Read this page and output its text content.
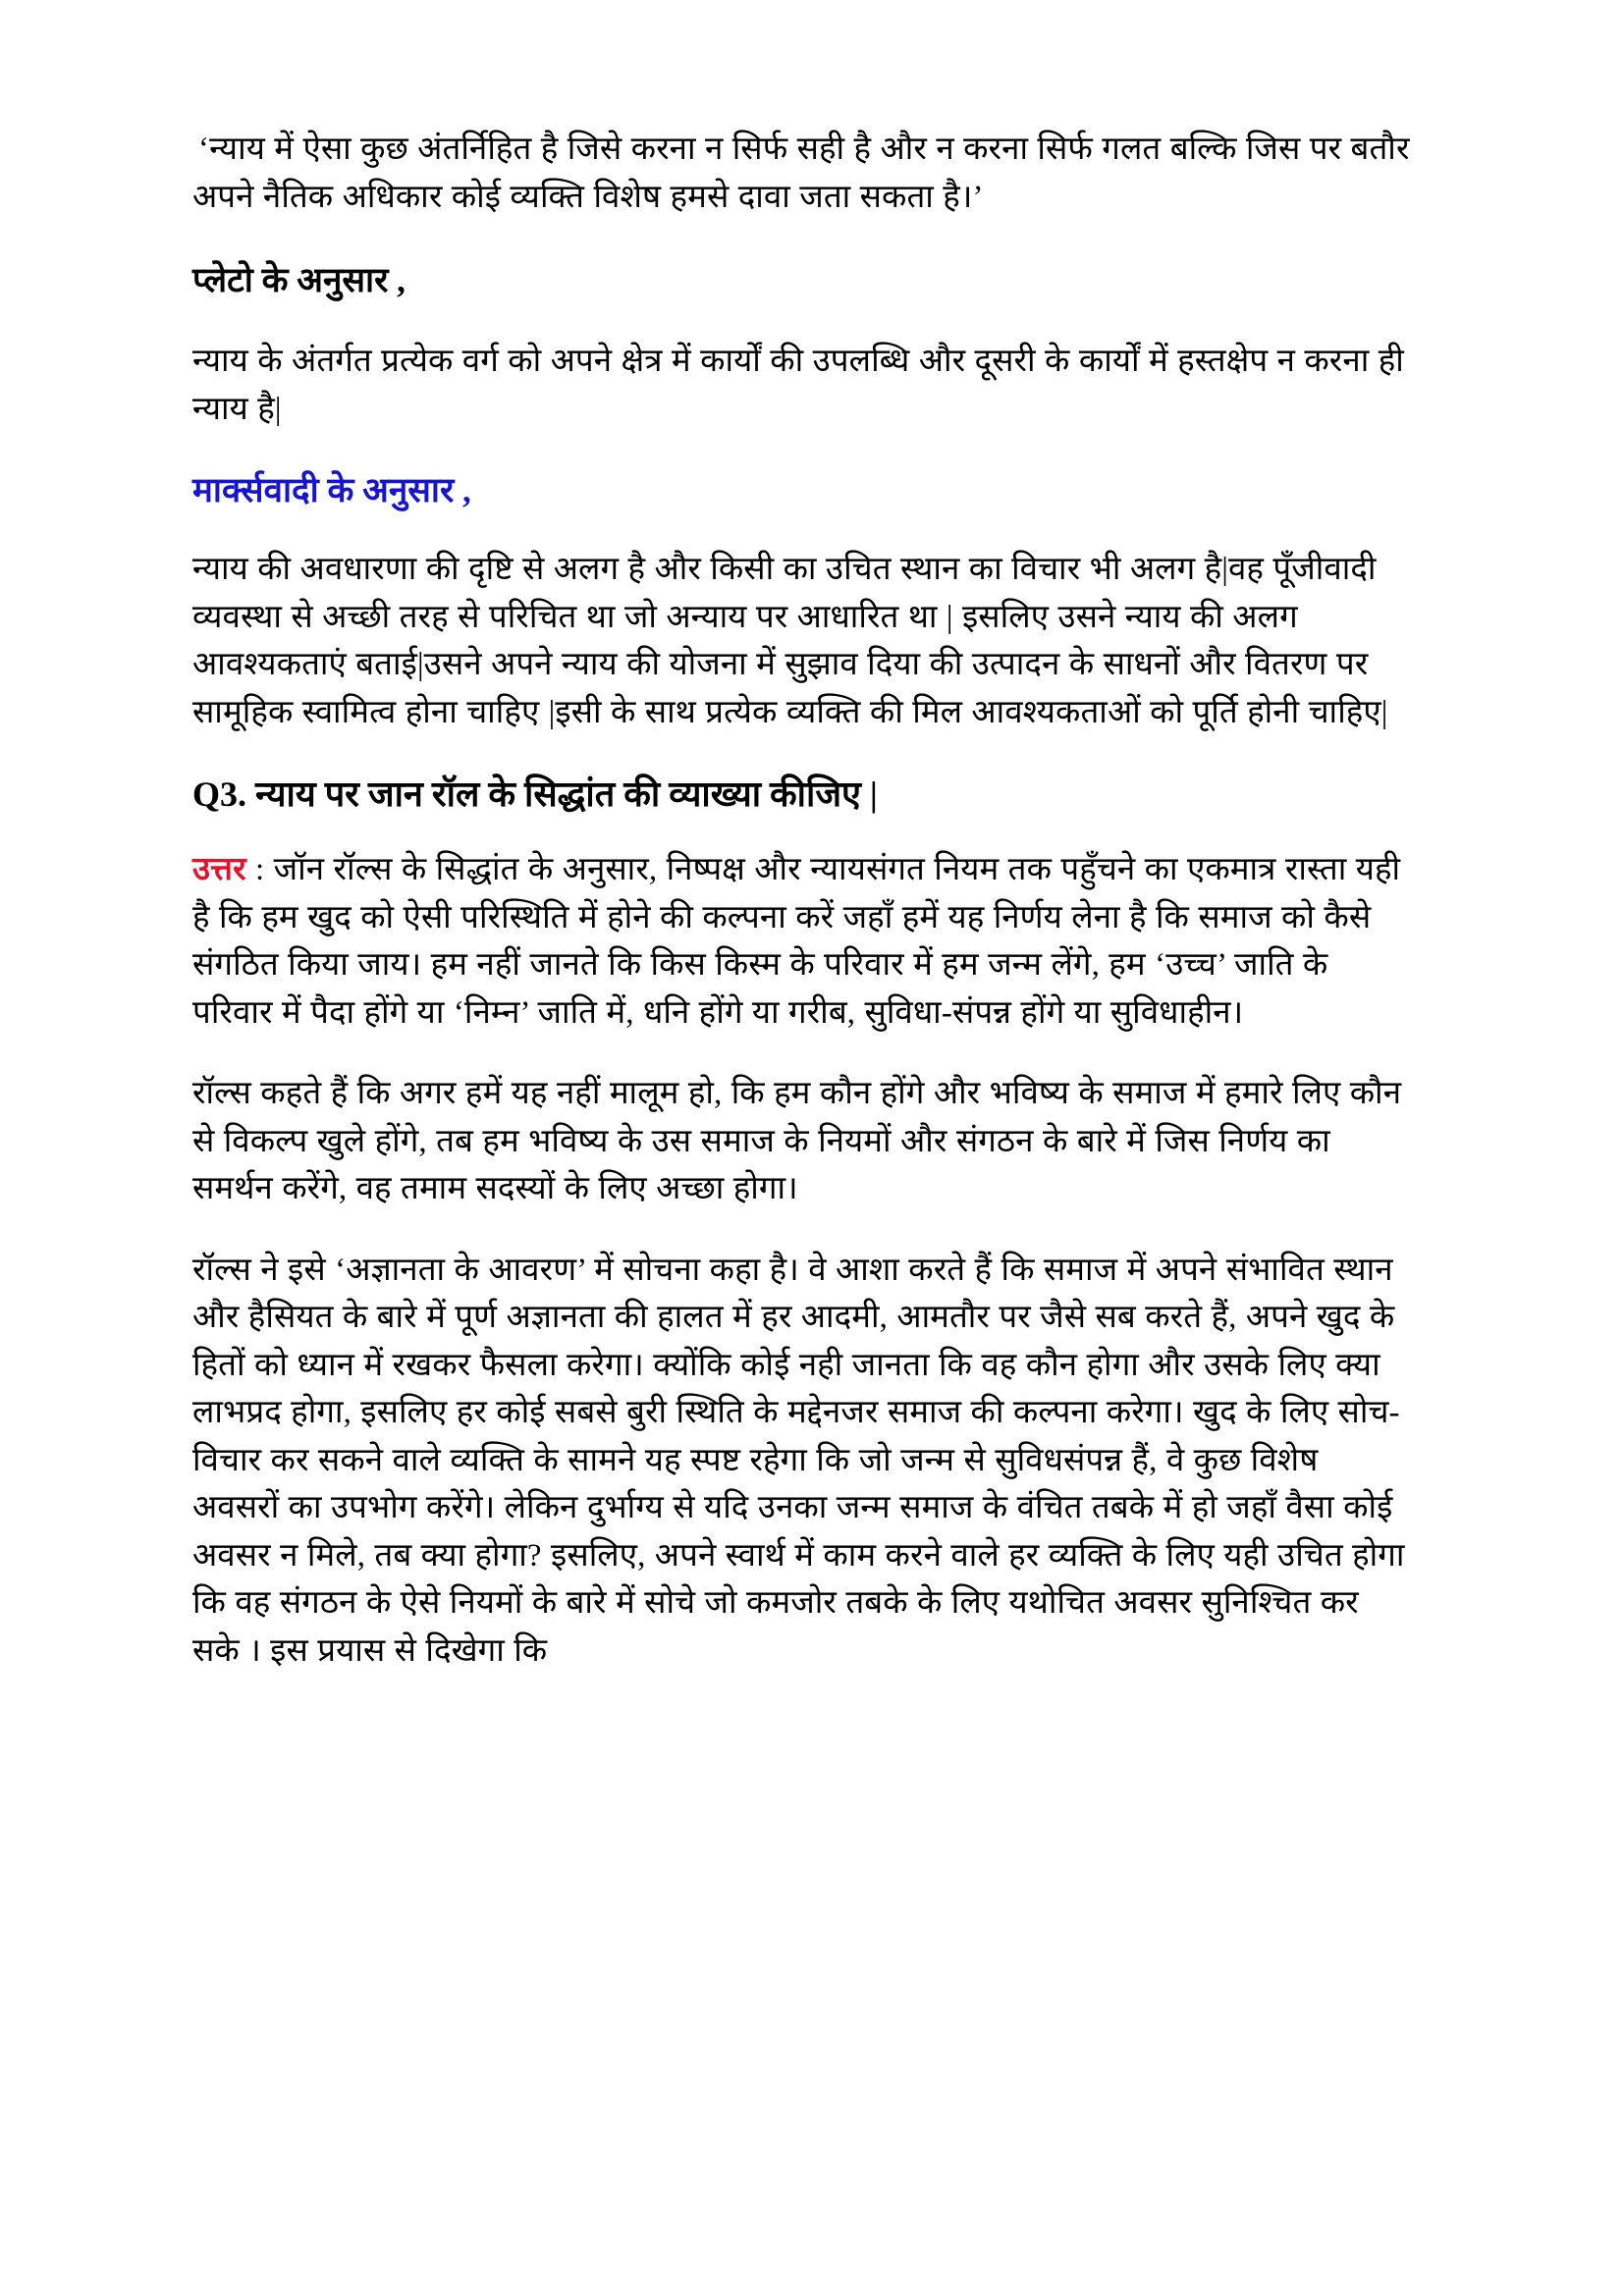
‘न्याय में ऐसा कुछ अंतर्निहित है जिसे करना न सिर्फ सही है और न करना सिर्फ गलत बल्कि जिस पर बतौर अपने नैतिक अधिकार कोई व्यक्ति विशेष हमसे दावा जता सकता है।’

प्लेटो के अनुसार ,

न्याय के अंतर्गत प्रत्येक वर्ग को अपने क्षेत्र में कार्यों की उपलब्धि और दूसरी के कार्यों में हस्तक्षेप न करना ही न्याय है|

मार्क्सवादी के अनुसार ,

न्याय की अवधारणा की दृष्टि से अलग है और किसी का उचित स्थान का विचार भी अलग है|वह पूँजीवादी व्यवस्था से अच्छी तरह से परिचित था जो अन्याय पर आधारित था | इसलिए उसने न्याय की अलग आवश्यकताएं बताई|उसने अपने न्याय की योजना में सुझाव दिया की उत्पादन के साधनों और वितरण पर सामूहिक स्वामित्व होना चाहिए |इसी के साथ प्रत्येक व्यक्ति की मिल आवश्यकताओं को पूर्ति होनी चाहिए|

Q3. न्याय पर जान रॉल के सिद्धांत की व्याख्या कीजिए |

उत्तर : जॉन रॉल्स के सिद्धांत के अनुसार, निष्पक्ष और न्यायसंगत नियम तक पहुँचने का एकमात्र रास्ता यही है कि हम खुद को ऐसी परिस्थिति में होने की कल्पना करें जहाँ हमें यह निर्णय लेना है कि समाज को कैसे संगठित किया जाय। हम नहीं जानते कि किस किस्म के परिवार में हम जन्म लेंगे, हम ‘उच्च’ जाति के परिवार में पैदा होंगे या ‘निम्न’ जाति में, धनि होंगे या गरीब, सुविधा-संपन्न होंगे या सुविधाहीन।

रॉल्स कहते हैं कि अगर हमें यह नहीं मालूम हो, कि हम कौन होंगे और भविष्य के समाज में हमारे लिए कौन से विकल्प खुले होंगे, तब हम भविष्य के उस समाज के नियमों और संगठन के बारे में जिस निर्णय का समर्थन करेंगे, वह तमाम सदस्यों के लिए अच्छा होगा।

रॉल्स ने इसे ‘अज्ञानता के आवरण’ में सोचना कहा है। वे आशा करते हैं कि समाज में अपने संभावित स्थान और हैसियत के बारे में पूर्ण अज्ञानता की हालत में हर आदमी, आमतौर पर जैसे सब करते हैं, अपने खुद के हितों को ध्यान में रखकर फैसला करेगा। क्योंकि कोई नही जानता कि वह कौन होगा और उसके लिए क्या लाभप्रद होगा, इसलिए हर कोई सबसे बुरी स्थिति के मद्देनजर समाज की कल्पना करेगा। खुद के लिए सोच-विचार कर सकने वाले व्यक्ति के सामने यह स्पष्ट रहेगा कि जो जन्म से सुविधसंपन्न हैं, वे कुछ विशेष अवसरों का उपभोग करेंगे। लेकिन दुर्भाग्य से यदि उनका जन्म समाज के वंचित तबके में हो जहाँ वैसा कोई अवसर न मिले, तब क्या होगा? इसलिए, अपने स्वार्थ में काम करने वाले हर व्यक्ति के लिए यही उचित होगा कि वह संगठन के ऐसे नियमों के बारे में सोचे जो कमजोर तबके के लिए यथोचित अवसर सुनिश्चित कर सके । इस प्रयास से दिखेगा कि
